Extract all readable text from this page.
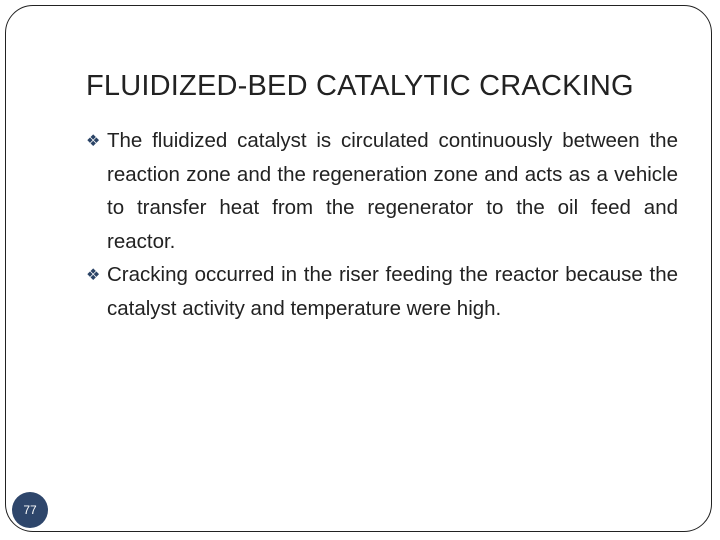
FLUIDIZED-BED CATALYTIC CRACKING
❖ The fluidized catalyst is circulated continuously between the reaction zone and the regeneration zone and acts as a vehicle to transfer heat from the regenerator to the oil feed and reactor.
❖ Cracking occurred in the riser feeding the reactor because the catalyst activity and temperature were high.
77
